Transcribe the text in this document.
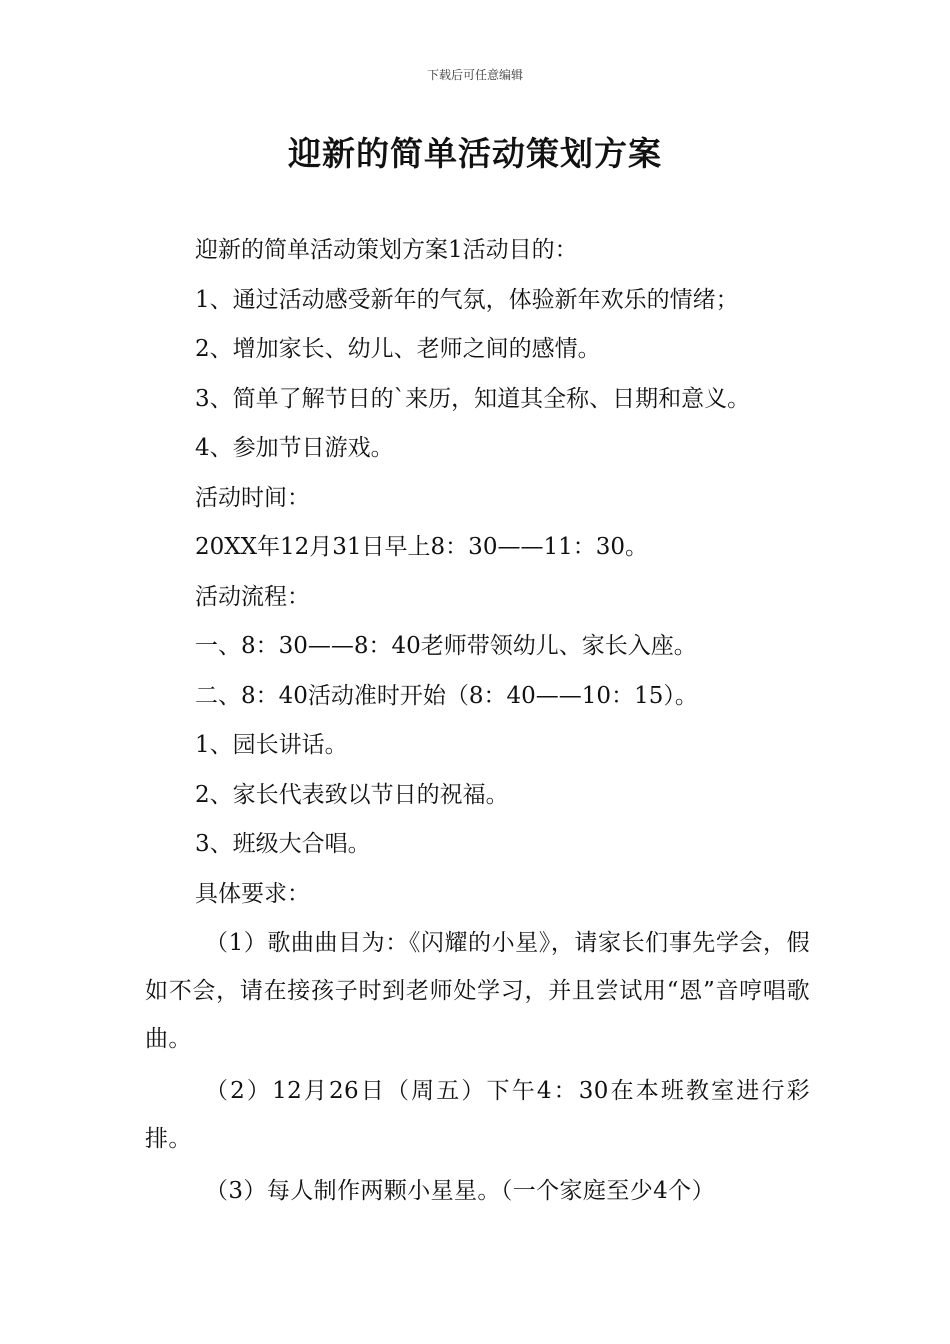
下载后可任意编辑
迎新的简单活动策划方案

迎新的简单活动策划方案1活动目的：

1、通过活动感受新年的气氛，体验新年欢乐的情绪；

2、增加家长、幼儿、老师之间的感情。

3、简单了解节日的`来历，知道其全称、日期和意义。

4、参加节日游戏。

活动时间：

20XX年12月31日早上8：30——11：30。

活动流程：

一、8：30——8：40老师带领幼儿、家长入座。

二、8：40活动准时开始（8：40——10：15）。

1、园长讲话。

2、家长代表致以节日的祝福。

3、班级大合唱。

具体要求：

（1）歌曲曲目为：《闪耀的小星》，请家长们事先学会，假如不会，请在接孩子时到老师处学习，并且尝试用“恩”音哼唱歌曲。

（2）12月26日（周五）下午4：30在本班教室进行彩排。

（3）每人制作两颗小星星。（一个家庭至少4个）
